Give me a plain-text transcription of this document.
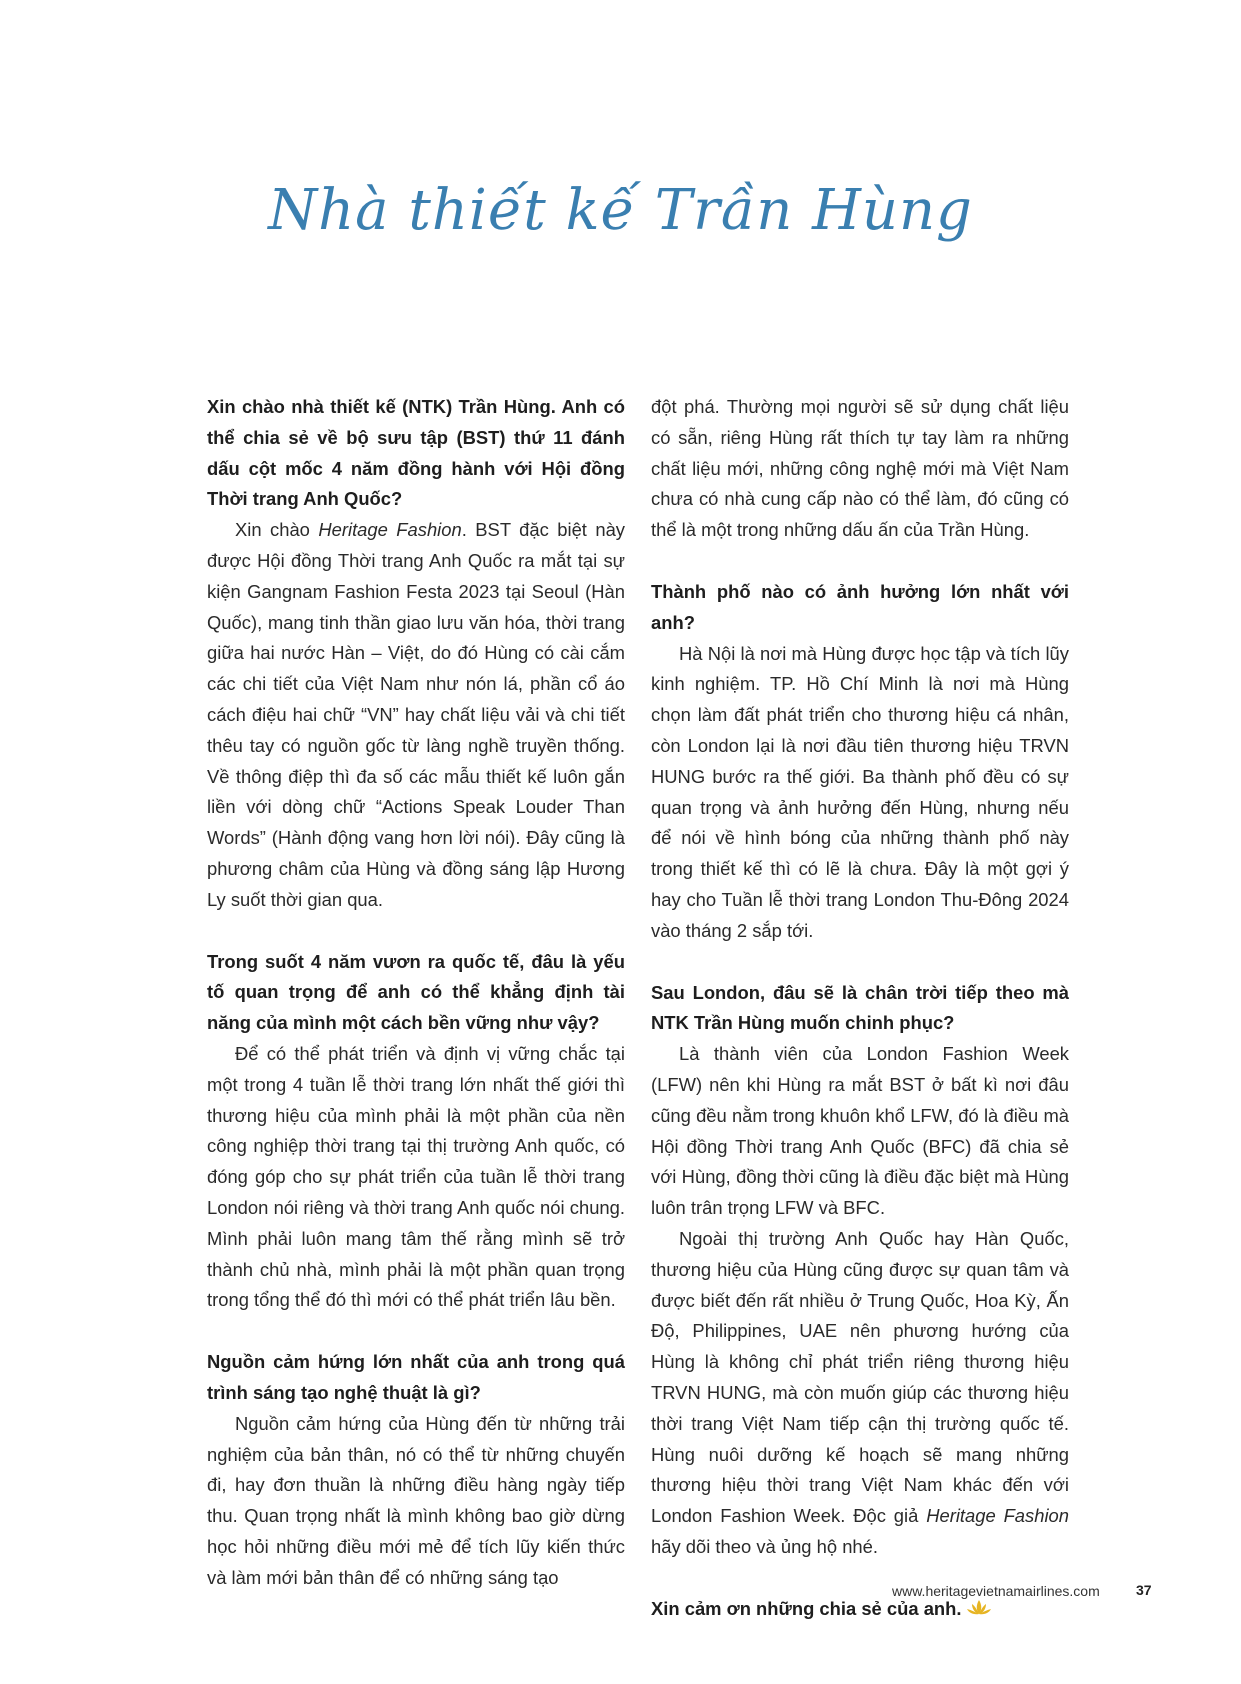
Nhà thiết kế Trần Hùng

Xin chào nhà thiết kế (NTK) Trần Hùng. Anh có thể chia sẻ về bộ sưu tập (BST) thứ 11 đánh dấu cột mốc 4 năm đồng hành với Hội đồng Thời trang Anh Quốc?

Xin chào Heritage Fashion. BST đặc biệt này được Hội đồng Thời trang Anh Quốc ra mắt tại sự kiện Gangnam Fashion Festa 2023 tại Seoul (Hàn Quốc), mang tinh thần giao lưu văn hóa, thời trang giữa hai nước Hàn – Việt, do đó Hùng có cài cắm các chi tiết của Việt Nam như nón lá, phần cổ áo cách điệu hai chữ “VN” hay chất liệu vải và chi tiết thêu tay có nguồn gốc từ làng nghề truyền thống. Về thông điệp thì đa số các mẫu thiết kế luôn gắn liền với dòng chữ “Actions Speak Louder Than Words” (Hành động vang hơn lời nói). Đây cũng là phương châm của Hùng và đồng sáng lập Hương Ly suốt thời gian qua.

Trong suốt 4 năm vươn ra quốc tế, đâu là yếu tố quan trọng để anh có thể khẳng định tài năng của mình một cách bền vững như vậy?

Để có thể phát triển và định vị vững chắc tại một trong 4 tuần lễ thời trang lớn nhất thế giới thì thương hiệu của mình phải là một phần của nền công nghiệp thời trang tại thị trường Anh quốc, có đóng góp cho sự phát triển của tuần lễ thời trang London nói riêng và thời trang Anh quốc nói chung. Mình phải luôn mang tâm thế rằng mình sẽ trở thành chủ nhà, mình phải là một phần quan trọng trong tổng thể đó thì mới có thể phát triển lâu bền.

Nguồn cảm hứng lớn nhất của anh trong quá trình sáng tạo nghệ thuật là gì?

Nguồn cảm hứng của Hùng đến từ những trải nghiệm của bản thân, nó có thể từ những chuyến đi, hay đơn thuần là những điều hàng ngày tiếp thu. Quan trọng nhất là mình không bao giờ dừng học hỏi những điều mới mẻ để tích lũy kiến thức và làm mới bản thân để có những sáng tạo

đột phá. Thường mọi người sẽ sử dụng chất liệu có sẵn, riêng Hùng rất thích tự tay làm ra những chất liệu mới, những công nghệ mới mà Việt Nam chưa có nhà cung cấp nào có thể làm, đó cũng có thể là một trong những dấu ấn của Trần Hùng.

Thành phố nào có ảnh hưởng lớn nhất với anh?

Hà Nội là nơi mà Hùng được học tập và tích lũy kinh nghiệm. TP. Hồ Chí Minh là nơi mà Hùng chọn làm đất phát triển cho thương hiệu cá nhân, còn London lại là nơi đầu tiên thương hiệu TRVN HUNG bước ra thế giới. Ba thành phố đều có sự quan trọng và ảnh hưởng đến Hùng, nhưng nếu để nói về hình bóng của những thành phố này trong thiết kế thì có lẽ là chưa. Đây là một gợi ý hay cho Tuần lễ thời trang London Thu-Đông 2024 vào tháng 2 sắp tới.

Sau London, đâu sẽ là chân trời tiếp theo mà NTK Trần Hùng muốn chinh phục?

Là thành viên của London Fashion Week (LFW) nên khi Hùng ra mắt BST ở bất kì nơi đâu cũng đều nằm trong khuôn khổ LFW, đó là điều mà Hội đồng Thời trang Anh Quốc (BFC) đã chia sẻ với Hùng, đồng thời cũng là điều đặc biệt mà Hùng luôn trân trọng LFW và BFC.

Ngoài thị trường Anh Quốc hay Hàn Quốc, thương hiệu của Hùng cũng được sự quan tâm và được biết đến rất nhiều ở Trung Quốc, Hoa Kỳ, Ấn Độ, Philippines, UAE nên phương hướng của Hùng là không chỉ phát triển riêng thương hiệu TRVN HUNG, mà còn muốn giúp các thương hiệu thời trang Việt Nam tiếp cận thị trường quốc tế. Hùng nuôi dưỡng kế hoạch sẽ mang những thương hiệu thời trang Việt Nam khác đến với London Fashion Week. Độc giả Heritage Fashion hãy dõi theo và ủng hộ nhé.

Xin cảm ơn những chia sẻ của anh.

www.heritagevietnamairlines.com	37
